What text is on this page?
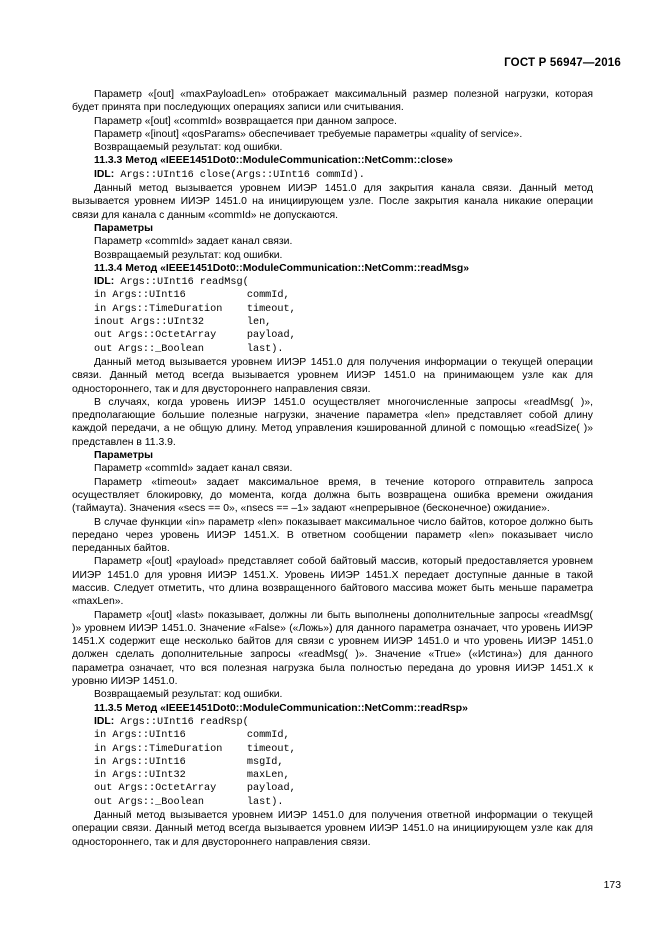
ГОСТ Р 56947—2016

Параметр «[out] «maxPayloadLen» отображает максимальный размер полезной нагрузки, которая будет принята при последующих операциях записи или считывания.

Параметр «[out] «commId» возвращается при данном запросе.

Параметр «[inout] «qosParams» обеспечивает требуемые параметры «quality of service».

Возвращаемый результат: код ошибки.

11.3.3 Метод «IEEE1451Dot0::ModuleCommunication::NetComm::close»

IDL: Args::UInt16 close(Args::UInt16 commId).

Данный метод вызывается уровнем ИИЭР 1451.0 для закрытия канала связи. Данный метод вызывается уровнем ИИЭР 1451.0 на инициирующем узле. После закрытия канала никакие операции связи для канала с данным «commId» не допускаются.

Параметры

Параметр «commId» задает канал связи.

Возвращаемый результат: код ошибки.

11.3.4 Метод «IEEE1451Dot0::ModuleCommunication::NetComm::readMsg»

IDL: Args::UInt16 readMsg(

in Args::UInt16          commId,

in Args::TimeDuration    timeout,

inout Args::UInt32       len,

out Args::OctetArray     payload,

out Args::_Boolean       last).

Данный метод вызывается уровнем ИИЭР 1451.0 для получения информации о текущей операции связи. Данный метод всегда вызывается уровнем ИИЭР 1451.0 на принимающем узле как для одностороннего, так и для двустороннего направления связи.

В случаях, когда уровень ИИЭР 1451.0 осуществляет многочисленные запросы «readMsg( )», предполагающие большие полезные нагрузки, значение параметра «len» представляет собой длину каждой передачи, а не общую длину. Метод управления кэшированной длиной с помощью «readSize( )» представлен в 11.3.9.

Параметры

Параметр «commId» задает канал связи.

Параметр «timeout» задает максимальное время, в течение которого отправитель запроса осуществляет блокировку, до момента, когда должна быть возвращена ошибка времени ожидания (таймаута). Значения «secs == 0», «nsecs == –1» задают «непрерывное (бесконечное) ожидание».

В случае функции «in» параметр «len» показывает максимальное число байтов, которое должно быть передано через уровень ИИЭР 1451.X. В ответном сообщении параметр «len» показывает число переданных байтов.

Параметр «[out] «payload» представляет собой байтовый массив, который предоставляется уровнем ИИЭР 1451.0 для уровня ИИЭР 1451.X. Уровень ИИЭР 1451.X передает доступные данные в такой массив. Следует отметить, что длина возвращенного байтового массива может быть меньше параметра «maxLen».

Параметр «[out] «last» показывает, должны ли быть выполнены дополнительные запросы «readMsg( )» уровнем ИИЭР 1451.0. Значение «False» («Ложь») для данного параметра означает, что уровень ИИЭР 1451.X содержит еще несколько байтов для связи с уровнем ИИЭР 1451.0 и что уровень ИИЭР 1451.0 должен сделать дополнительные запросы «readMsg( )». Значение «True» («Истина») для данного параметра означает, что вся полезная нагрузка была полностью передана до уровня ИИЭР 1451.X к уровню ИИЭР 1451.0.

Возвращаемый результат: код ошибки.

11.3.5 Метод «IEEE1451Dot0::ModuleCommunication::NetComm::readRsp»

IDL: Args::UInt16 readRsp(

in Args::UInt16          commId,

in Args::TimeDuration    timeout,

in Args::UInt16          msgId,

in Args::UInt32          maxLen,

out Args::OctetArray     payload,

out Args::_Boolean       last).

Данный метод вызывается уровнем ИИЭР 1451.0 для получения ответной информации о текущей операции связи. Данный метод всегда вызывается уровнем ИИЭР 1451.0 на инициирующем узле как для одностороннего, так и для двустороннего направления связи.

173
